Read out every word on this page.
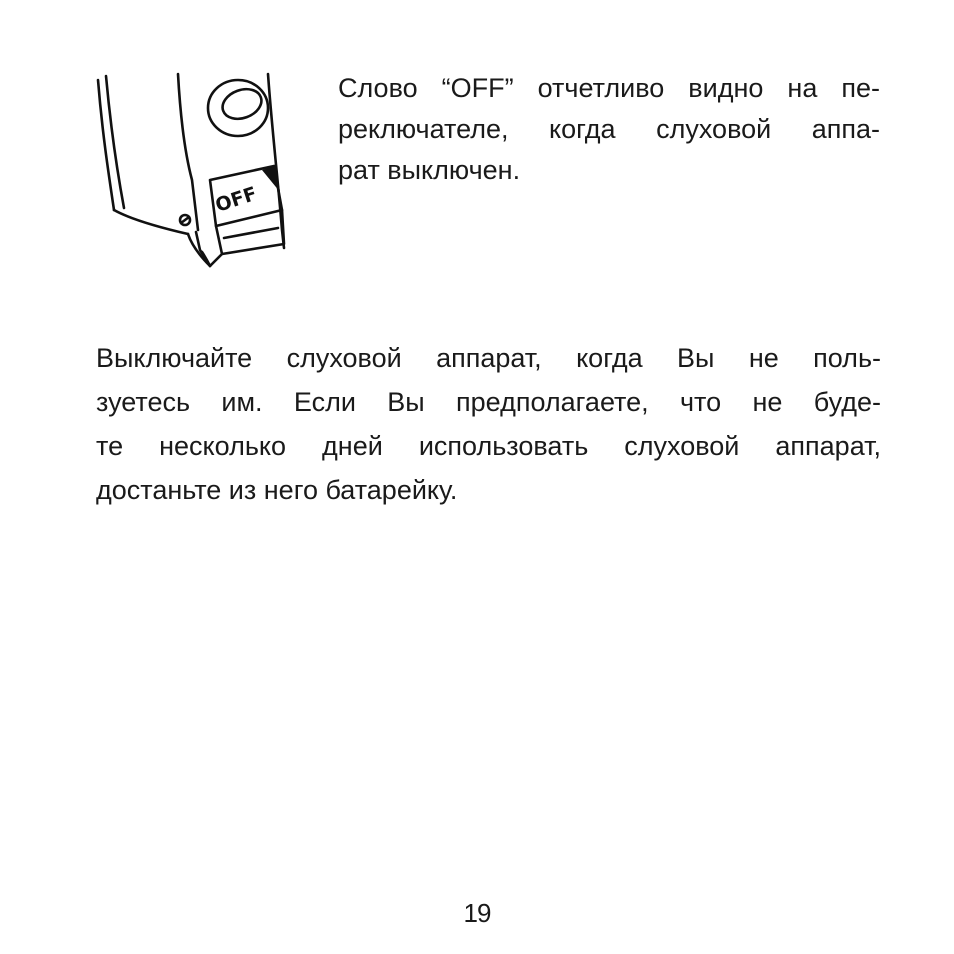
OFF
Слово “OFF” отчетливо видно на пе-
реключателе, когда слуховой аппа-
рат выключен.
Выключайте слуховой аппарат, когда Вы не поль-
зуетесь им. Если Вы предполагаете, что не буде-
те несколько дней использовать слуховой аппарат,
достаньте из него батарейку.
19
